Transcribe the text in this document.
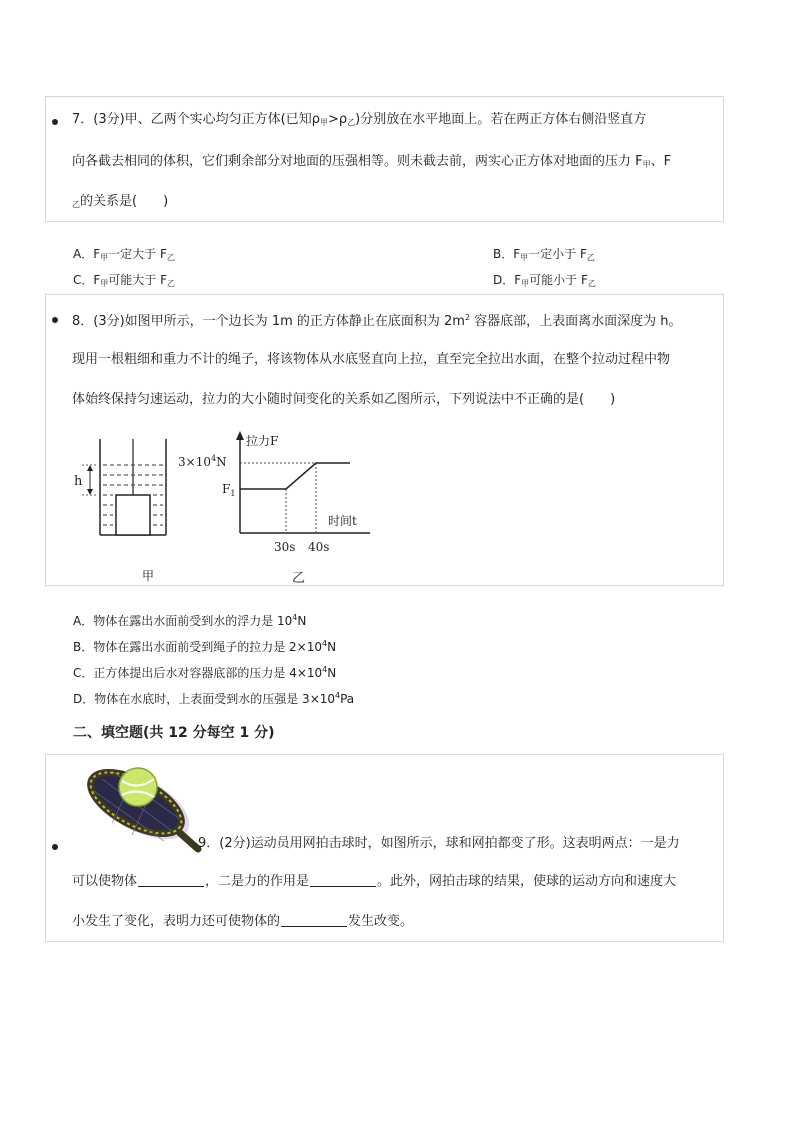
7．(3分)甲、乙两个实心均匀正方体(已知$\rho_甲>\rho_乙$)分别放在水平地面上。若在两正方体右侧沿竖直方
向各截去相同的体积，它们剩余部分对地面的压强相等。则未截去前，两实心正方体对地面的压力 $F_甲$、F
$_乙$的关系是(　　)
A．$F_甲$一定大于 $F_乙$	B．$F_甲$一定小于 $F_乙$
C．$F_甲$可能大于 $F_乙$	D．$F_甲$可能小于 $F_乙$
8．(3分)如图甲所示，一个边长为 1m 的正方体静止在底面积为 $2m^2$ 容器底部，上表面离水面深度为 h。
现用一根粗细和重力不计的绳子，将该物体从水底竖直向上拉，直至完全拉出水面，在整个拉动过程中物
体始终保持匀速运动，拉力的大小随时间变化的关系如乙图所示，下列说法中不正确的是(　　)
h
甲
拉力F
时间t
$3\times 10^4N$
$F_1$
30s 40s
乙
A．物体在露出水面前受到水的浮力是 $10^4N$
B．物体在露出水面前受到绳子的拉力是 $2\times 10^4N$
C．正方体提出后水对容器底部的压力是 $4\times 10^4N$
D．物体在水底时，上表面受到水的压强是 $3\times 10^4Pa$
二、填空题(共 12 分每空 1 分)
9．(2分)运动员用网拍击球时，如图所示，球和网拍都变了形。这表明两点：一是力
可以使物体	，二是力的作用是	。此外，网拍击球的结果，使球的运动方向和速度大
小发生了变化，表明力还可使物体的	发生改变。
